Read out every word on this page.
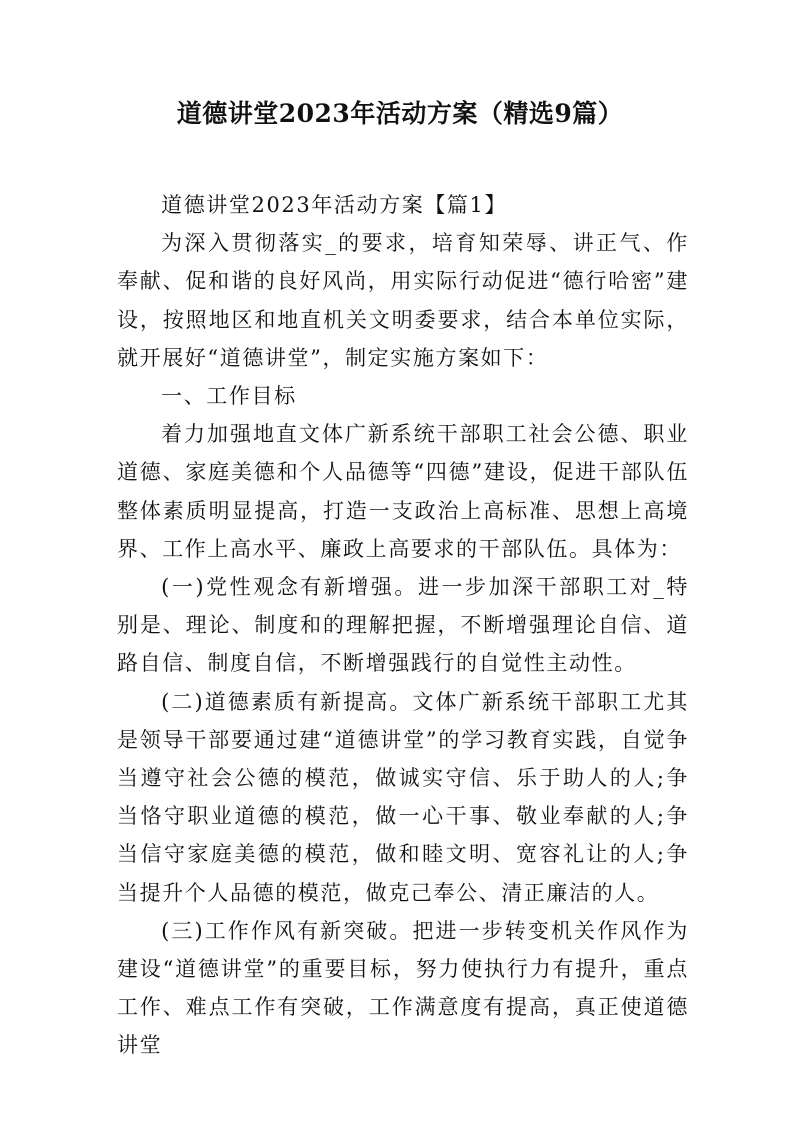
道德讲堂2023年活动方案（精选9篇）

道德讲堂2023年活动方案【篇1】

为深入贯彻落实_的要求，培育知荣辱、讲正气、作奉献、促和谐的良好风尚，用实际行动促进“德行哈密”建设，按照地区和地直机关文明委要求，结合本单位实际，就开展好“道德讲堂”，制定实施方案如下：

一、工作目标

着力加强地直文体广新系统干部职工社会公德、职业道德、家庭美德和个人品德等“四德”建设，促进干部队伍整体素质明显提高，打造一支政治上高标准、思想上高境界、工作上高水平、廉政上高要求的干部队伍。具体为：

(一)党性观念有新增强。进一步加深干部职工对_特别是、理论、制度和的理解把握，不断增强理论自信、道路自信、制度自信，不断增强践行的自觉性主动性。

(二)道德素质有新提高。文体广新系统干部职工尤其是领导干部要通过建“道德讲堂”的学习教育实践，自觉争当遵守社会公德的模范，做诚实守信、乐于助人的人;争当恪守职业道德的模范，做一心干事、敬业奉献的人;争当信守家庭美德的模范，做和睦文明、宽容礼让的人;争当提升个人品德的模范，做克己奉公、清正廉洁的人。

(三)工作作风有新突破。把进一步转变机关作风作为建设“道德讲堂”的重要目标，努力使执行力有提升，重点工作、难点工作有突破，工作满意度有提高，真正使道德讲堂
